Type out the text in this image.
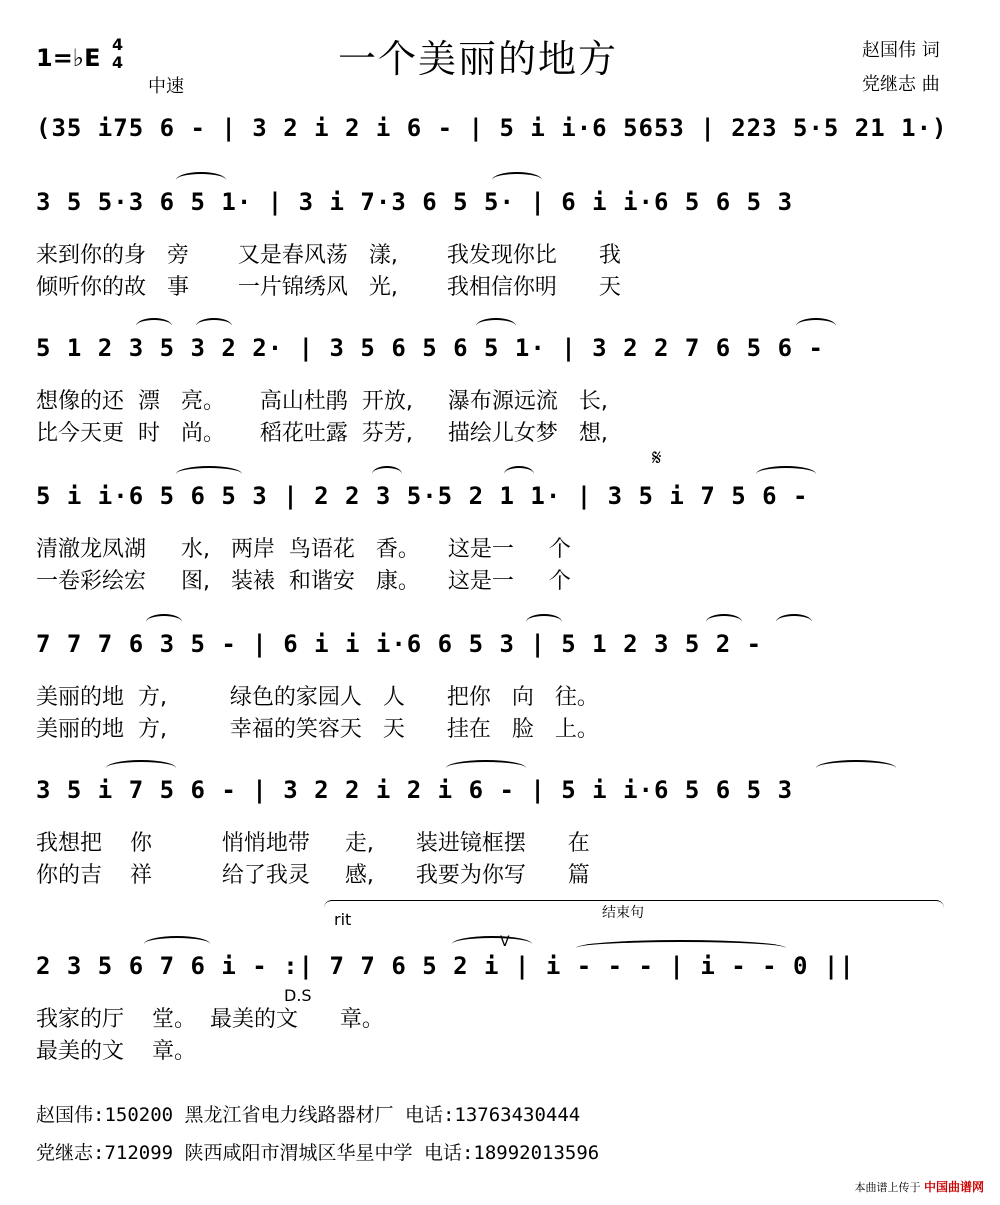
一个美丽的地方
1=♭E 4
4
中速
赵国伟 词
党继志 曲
(35 i75 6 - | 3 2 i 2 i 6 - | 5 i i·6 5653 | 223 5·5 21 1·)
3 5 5·3 6 5 1· | 3 i 7·3 6 5 5· | 6 i i·6 5 6 5 3
来到你的身   旁       又是春风荡   漾,       我发现你比      我
倾听你的故   事       一片锦绣风   光,       我相信你明      天
5 1 2 3 5 3 2 2· | 3 5 6 5 6 5 1· | 3 2 2 7 6 5 6 -
想像的还  漂   亮。     高山杜鹃  开放,     瀑布源远流   长,
比今天更  时   尚。     稻花吐露  芬芳,     描绘儿女梦   想,
𝄋
5 i i·6 5 6 5 3 | 2 2 3 5·5 2 1 1· | 3 5 i 7 5 6 -
清澈龙凤湖     水,   两岸  鸟语花   香。    这是一     个
一卷彩绘宏     图,   装裱  和谐安   康。    这是一     个
7 7 7 6 3 5 - | 6 i i i·6 6 5 3 | 5 1 2 3 5 2 -
美丽的地  方,         绿色的家园人   人      把你   向   往。
美丽的地  方,         幸福的笑容天   天      挂在   脸   上。
3 5 i 7 5 6 - | 3 2 2 i 2 i 6 - | 5 i i·6 5 6 5 3
我想把    你          悄悄地带     走,      装进镜框摆      在
你的吉    祥          给了我灵     感,      我要为你写      篇
rit	结束句
2 3 5 6 7 6 i - :| 7 7 6 5 2 i | i - - - | i - - 0 ||
V
D.S
我家的厅    堂。  最美的文      章。
最美的文    章。
赵国伟:150200 黑龙江省电力线路器材厂 电话:13763430444
党继志:712099 陕西咸阳市渭城区华星中学 电话:18992013596
本曲谱上传于 中国曲谱网
